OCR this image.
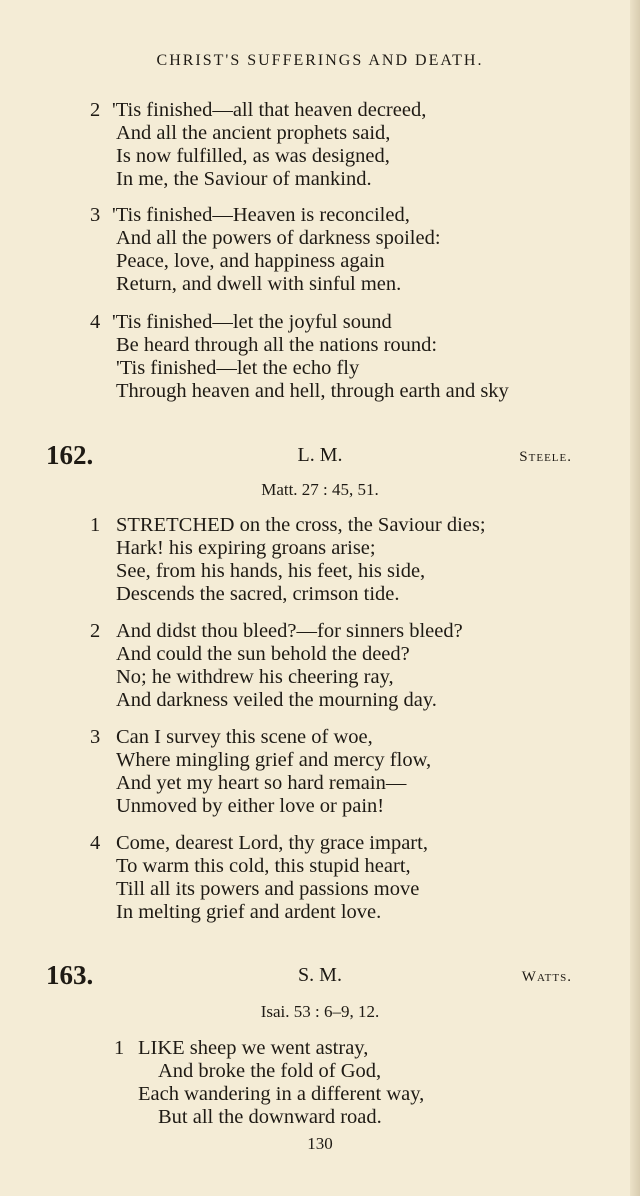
CHRIST'S SUFFERINGS AND DEATH.
2 'Tis finished—all that heaven decreed,
And all the ancient prophets said,
Is now fulfilled, as was designed,
In me, the Saviour of mankind.
3 'Tis finished—Heaven is reconciled,
And all the powers of darkness spoiled:
Peace, love, and happiness again
Return, and dwell with sinful men.
4 'Tis finished—let the joyful sound
Be heard through all the nations round:
'Tis finished—let the echo fly
Through heaven and hell, through earth and sky
162.	L. M.	Steele.
Matt. 27 : 45, 51.
1 STRETCHED on the cross, the Saviour dies;
Hark! his expiring groans arise;
See, from his hands, his feet, his side,
Descends the sacred, crimson tide.
2 And didst thou bleed?—for sinners bleed?
And could the sun behold the deed?
No; he withdrew his cheering ray,
And darkness veiled the mourning day.
3 Can I survey this scene of woe,
Where mingling grief and mercy flow,
And yet my heart so hard remain—
Unmoved by either love or pain!
4 Come, dearest Lord, thy grace impart,
To warm this cold, this stupid heart,
Till all its powers and passions move
In melting grief and ardent love.
163.	S. M.	Watts.
Isai. 53 : 6–9, 12.
1 LIKE sheep we went astray,
And broke the fold of God,
Each wandering in a different way,
But all the downward road.
130
